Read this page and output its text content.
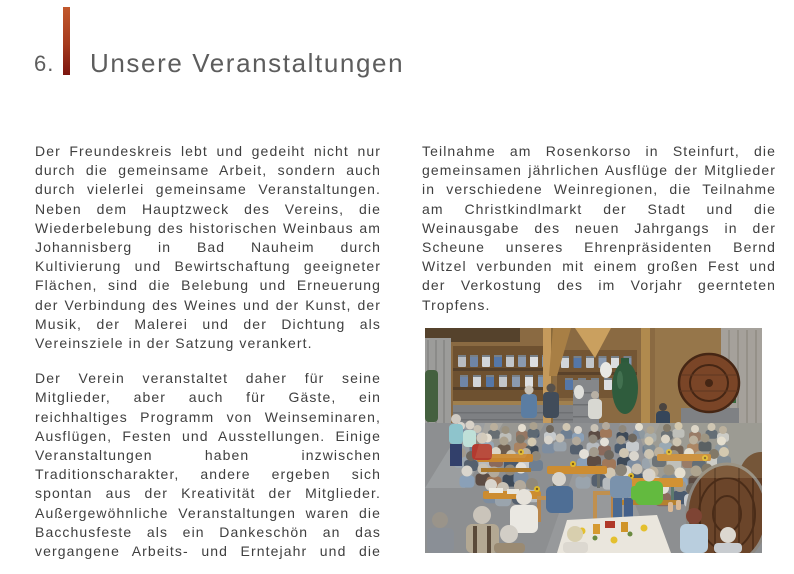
6. Unsere Veranstaltungen

Der Freundeskreis lebt und gedeiht nicht nur durch die gemeinsame Arbeit, sondern auch durch vielerlei gemeinsame Veranstaltungen. Neben dem Hauptzweck des Vereins, die Wiederbelebung des historischen Weinbaus am Johannisberg in Bad Nauheim durch Kultivierung und Bewirtschaftung geeigneter Flächen, sind die Belebung und Erneuerung der Verbindung des Weines und der Kunst, der Musik, der Malerei und der Dichtung als Vereinsziele in der Satzung verankert.

Der Verein veranstaltet daher für seine Mitglieder, aber auch für Gäste, ein reichhaltiges Programm von Weinseminaren, Ausflügen, Festen und Ausstellungen. Einige Veranstaltungen haben inzwischen Traditionscharakter, andere ergeben sich spontan aus der Kreativität der Mitglieder. Außergewöhnliche Veranstaltungen waren die Bacchusfeste als ein Dankeschön an das vergangene Arbeits- und Erntejahr und die

Teilnahme am Rosenkorso in Steinfurt, die gemeinsamen jährlichen Ausflüge der Mitglieder in verschiedene Weinregionen, die Teilnahme am Christkindlmarkt der Stadt und die Weinausgabe des neuen Jahrgangs in der Scheune unseres Ehrenpräsidenten Bernd Witzel verbunden mit einem großen Fest und der Verkostung des im Vorjahr geernteten Tropfens.
